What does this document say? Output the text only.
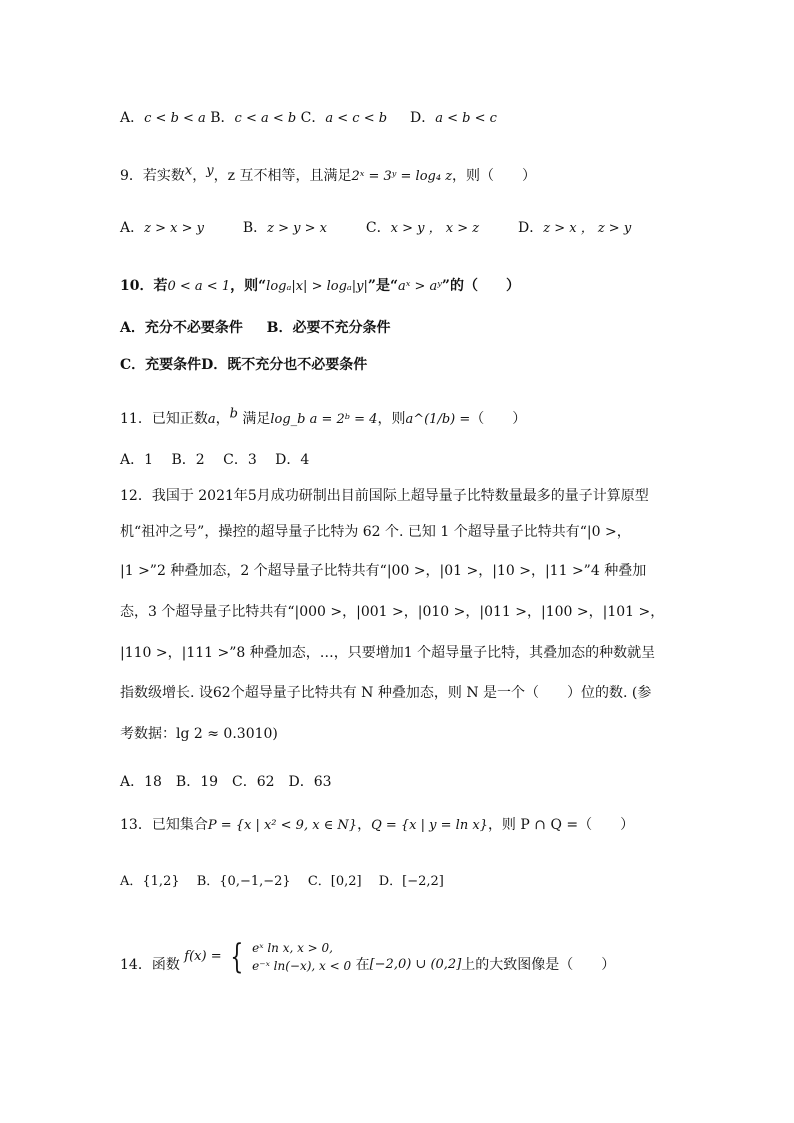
A．c < b < a B．c < a < b C．a < c < b D．a < b < c
9．若实数$^x$，$^y$，z 互不相等，且满足2ˣ = 3ʸ = log₄ z，则（　　）
A．z > x > y	B．z > y > x	C．x > y ， x > z	D．z > x ， z > y
10．若0 < a < 1，则“logₐ|x| > logₐ|y|”是“aˣ > aʸ”的（　　）
A．充分不必要条件 B．必要不充分条件
C．充要条件D．既不充分也不必要条件
11．已知正数a，$^b$ 满足log_b a = 2ᵇ = 4，则a^(1/b) =（　　）
A．1　 B．2　 C．3　 D．4
12．我国于 2021年5月成功研制出目前国际上超导量子比特数量最多的量子计算原型
机“祖冲之号”，操控的超导量子比特为 62 个. 已知 1 个超导量子比特共有“|0 >，
|1 >”2 种叠加态，2 个超导量子比特共有“|00 >，|01 >，|10 >，|11 >”4 种叠加
态，3 个超导量子比特共有“|000 >，|001 >，|010 >，|011 >，|100 >，|101 >，
|110 >，|111 >”8 种叠加态，…，只要增加1 个超导量子比特，其叠加态的种数就呈
指数级增长. 设62个超导量子比特共有 N 种叠加态，则 N 是一个（　　）位的数. (参
考数据：lg 2 ≈ 0.3010)
A．18　B．19　C．62　D．63
13．已知集合P = {x | x² < 9, x ∈ N}，Q = {x | y = ln x}，则 P ∩ Q =（　　）
A．{1,2}　 B．{0,−1,−2}　 C．[0,2]　 D．[−2,2]
14．函数 f(x) = { eˣ ln x, x > 0,
e⁻ˣ ln(−x), x < 0 在[−2,0) ∪ (0,2]上的大致图像是（　　）
